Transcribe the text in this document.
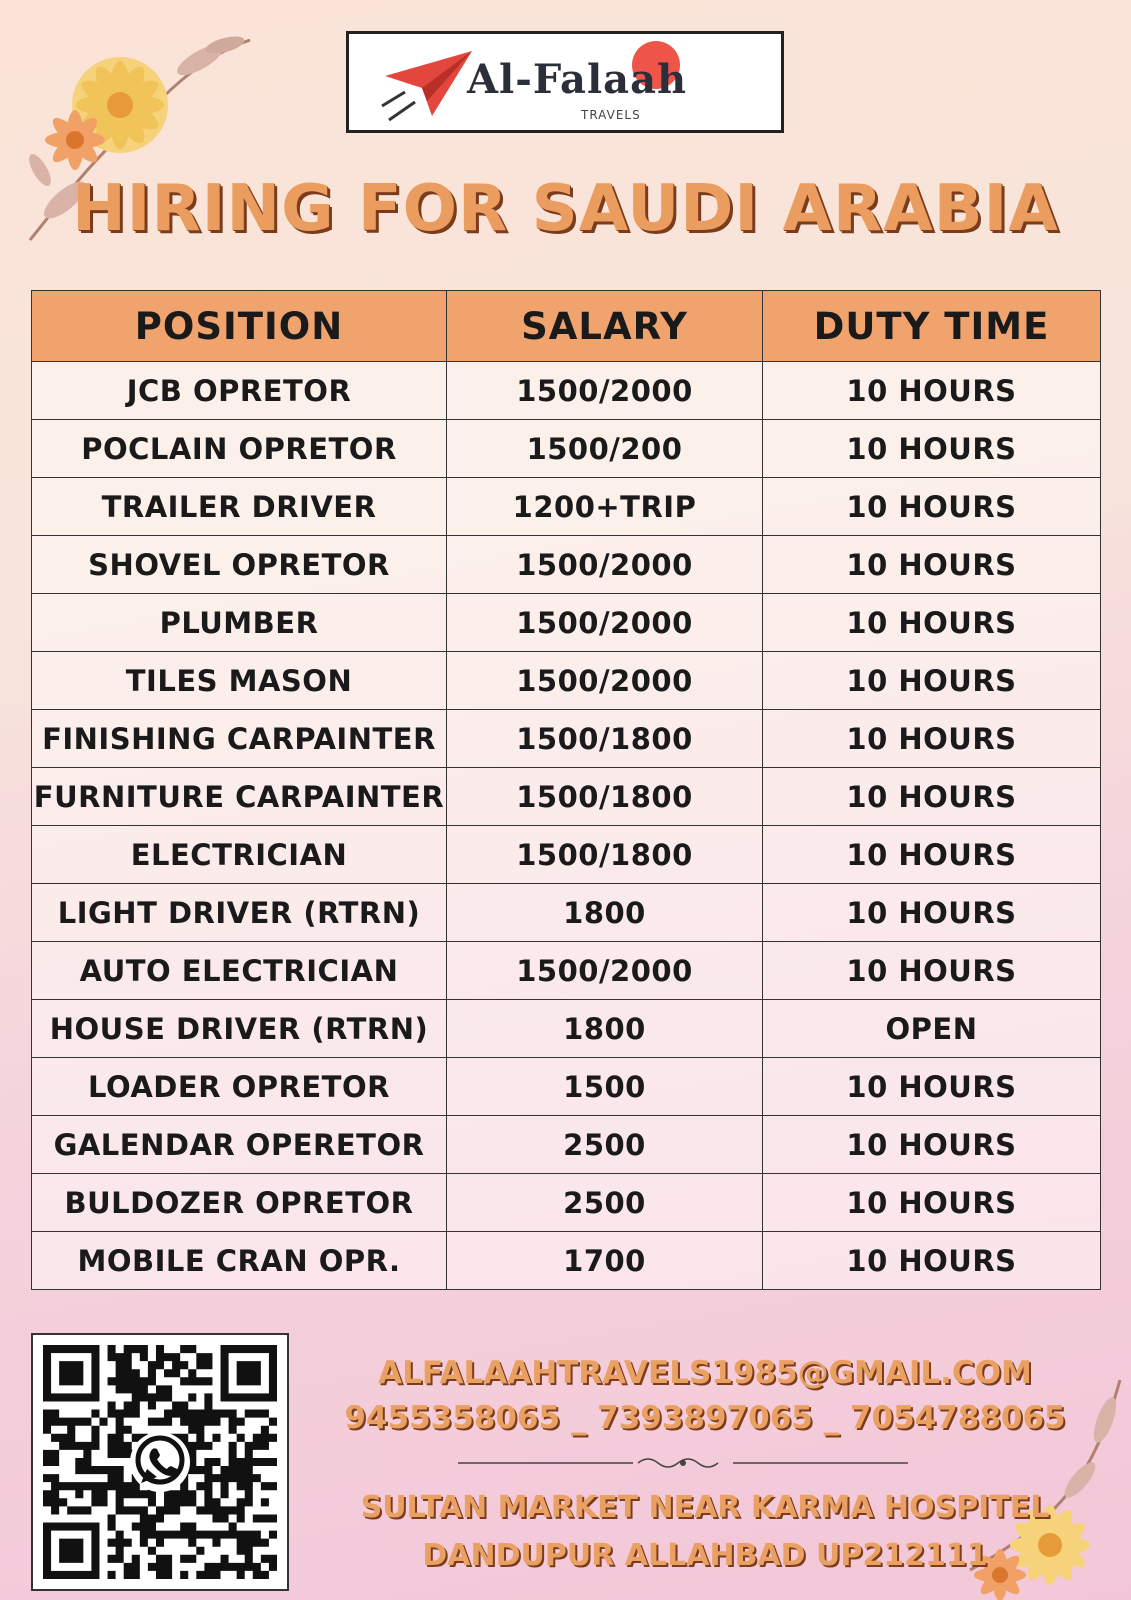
Al-Falaah
TRAVELS
HIRING FOR SAUDI ARABIA
POSITION	SALARY	DUTY TIME
JCB OPRETOR	1500/2000	10 HOURS
POCLAIN OPRETOR	1500/200	10 HOURS
TRAILER DRIVER	1200+TRIP	10 HOURS
SHOVEL OPRETOR	1500/2000	10 HOURS
PLUMBER	1500/2000	10 HOURS
TILES MASON	1500/2000	10 HOURS
FINISHING CARPAINTER	1500/1800	10 HOURS
FURNITURE CARPAINTER	1500/1800	10 HOURS
ELECTRICIAN	1500/1800	10 HOURS
LIGHT DRIVER (RTRN)	1800	10 HOURS
AUTO ELECTRICIAN	1500/2000	10 HOURS
HOUSE DRIVER (RTRN)	1800	OPEN
LOADER OPRETOR	1500	10 HOURS
GALENDAR OPERETOR	2500	10 HOURS
BULDOZER OPRETOR	2500	10 HOURS
MOBILE CRAN OPR.	1700	10 HOURS
ALFALAAHTRAVELS1985@GMAIL.COM
9455358065 _ 7393897065 _ 7054788065
SULTAN MARKET NEAR KARMA HOSPITEL
DANDUPUR ALLAHBAD UP212111
